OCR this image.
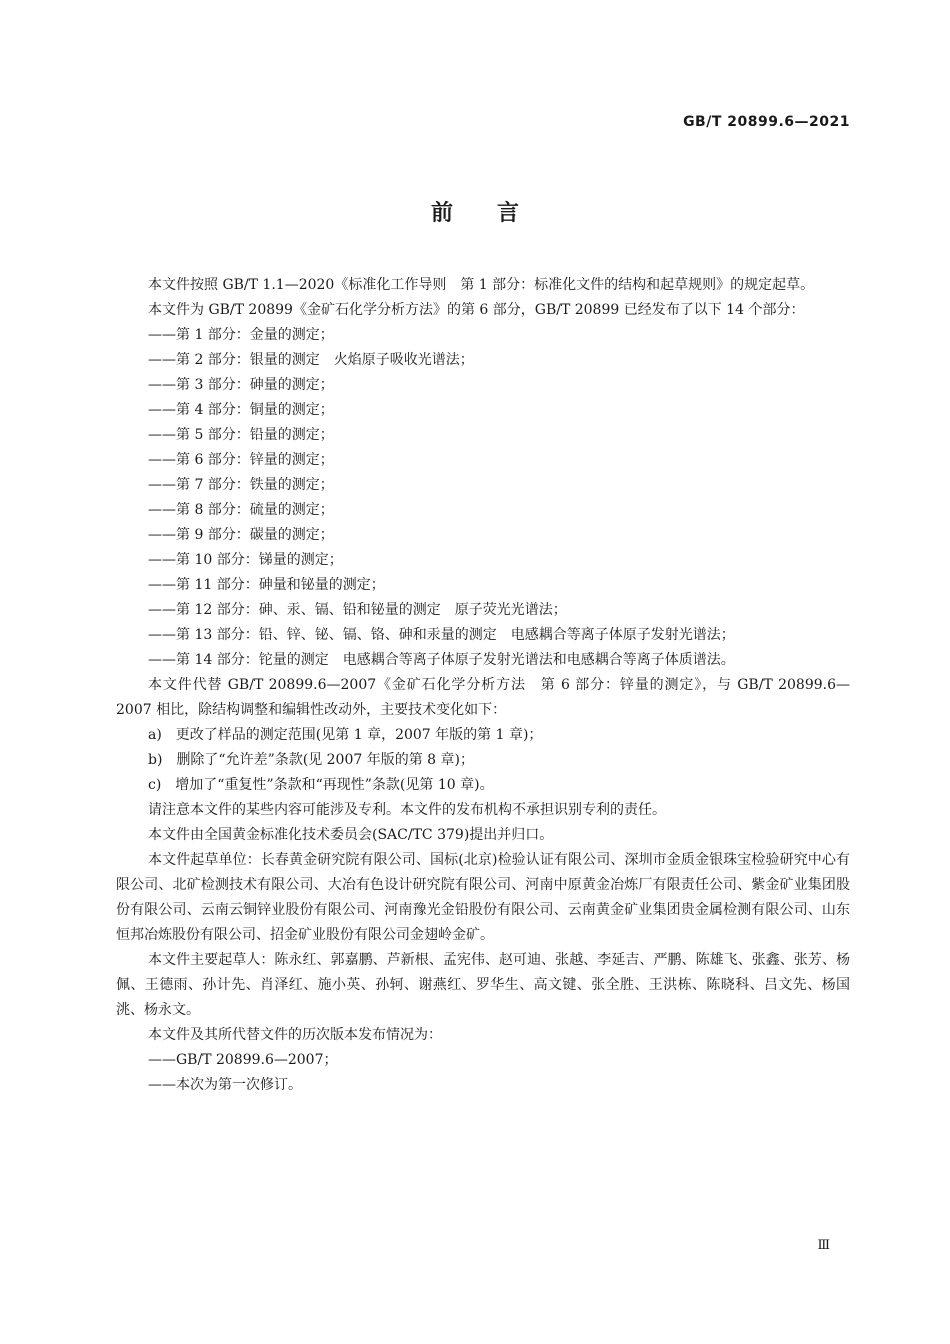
GB/T 20899.6—2021
前言

本文件按照 GB/T 1.1—2020《标准化工作导则　第 1 部分：标准化文件的结构和起草规则》的规定起草。

本文件为 GB/T 20899《金矿石化学分析方法》的第 6 部分，GB/T 20899 已经发布了以下 14 个部分：

——第 1 部分：金量的测定；

——第 2 部分：银量的测定　火焰原子吸收光谱法；

——第 3 部分：砷量的测定；

——第 4 部分：铜量的测定；

——第 5 部分：铅量的测定；

——第 6 部分：锌量的测定；

——第 7 部分：铁量的测定；

——第 8 部分：硫量的测定；

——第 9 部分：碳量的测定；

——第 10 部分：锑量的测定；

——第 11 部分：砷量和铋量的测定；

——第 12 部分：砷、汞、镉、铅和铋量的测定　原子荧光光谱法；

——第 13 部分：铅、锌、铋、镉、铬、砷和汞量的测定　电感耦合等离子体原子发射光谱法；

——第 14 部分：铊量的测定　电感耦合等离子体原子发射光谱法和电感耦合等离子体质谱法。

本文件代替 GB/T 20899.6—2007《金矿石化学分析方法　第 6 部分：锌量的测定》，与 GB/T 20899.6—2007 相比，除结构调整和编辑性改动外，主要技术变化如下：

a)　更改了样品的测定范围(见第 1 章，2007 年版的第 1 章)；

b)　删除了“允许差”条款(见 2007 年版的第 8 章)；

c)　增加了“重复性”条款和“再现性”条款(见第 10 章)。

请注意本文件的某些内容可能涉及专利。本文件的发布机构不承担识别专利的责任。

本文件由全国黄金标准化技术委员会(SAC/TC 379)提出并归口。

本文件起草单位：长春黄金研究院有限公司、国标(北京)检验认证有限公司、深圳市金质金银珠宝检验研究中心有限公司、北矿检测技术有限公司、大冶有色设计研究院有限公司、河南中原黄金冶炼厂有限责任公司、紫金矿业集团股份有限公司、云南云铜锌业股份有限公司、河南豫光金铅股份有限公司、云南黄金矿业集团贵金属检测有限公司、山东恒邦冶炼股份有限公司、招金矿业股份有限公司金翅岭金矿。

本文件主要起草人：陈永红、郭嘉鹏、芦新根、孟宪伟、赵可迪、张越、李延吉、严鹏、陈雄飞、张鑫、张芳、杨佩、王德雨、孙计先、肖泽红、施小英、孙轲、谢燕红、罗华生、高文键、张全胜、王洪栋、陈晓科、吕文先、杨国洮、杨永文。

本文件及其所代替文件的历次版本发布情况为：

——GB/T 20899.6—2007；

——本次为第一次修订。

Ⅲ
